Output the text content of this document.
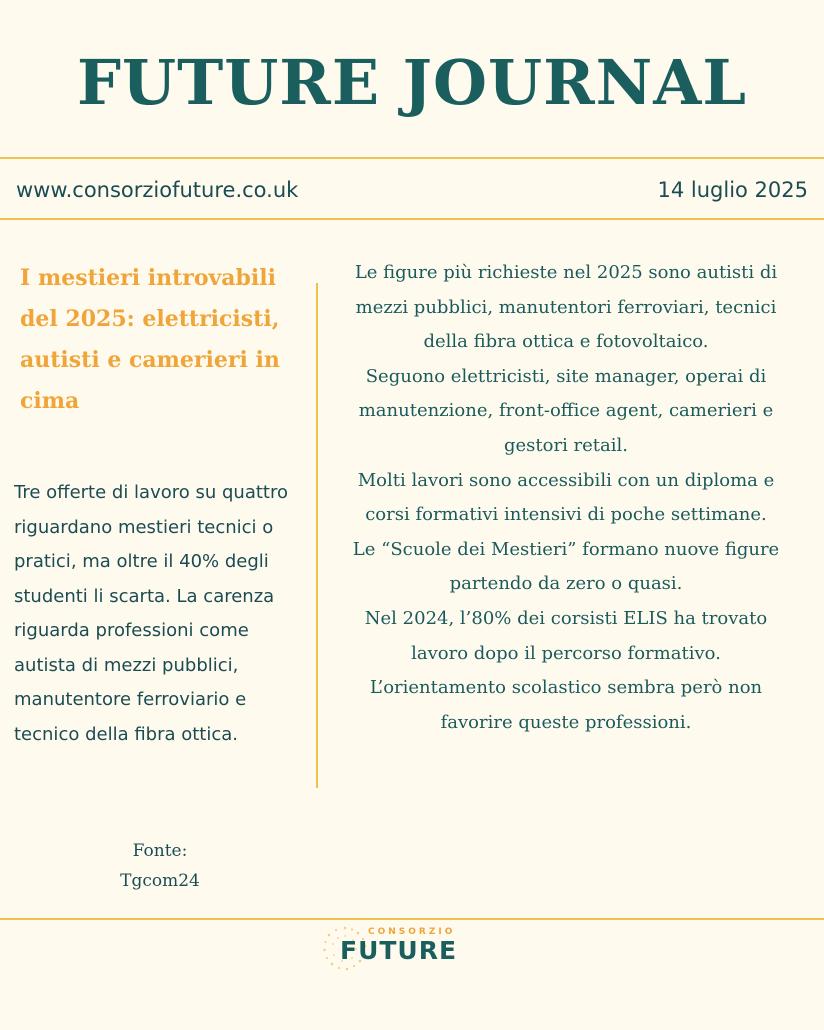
FUTURE JOURNAL
www.consorziofuture.co.uk	14 luglio 2025
I mestieri introvabili del 2025: elettricisti, autisti e camerieri in cima
Tre offerte di lavoro su quattro riguardano mestieri tecnici o pratici, ma oltre il 40% degli studenti li scarta. La carenza riguarda professioni come autista di mezzi pubblici, manutentore ferroviario e tecnico della fibra ottica.

Le figure più richieste nel 2025 sono autisti di mezzi pubblici, manutentori ferroviari, tecnici della fibra ottica e fotovoltaico.

Seguono elettricisti, site manager, operai di manutenzione, front-office agent, camerieri e gestori retail.

Molti lavori sono accessibili con un diploma e corsi formativi intensivi di poche settimane.

Le “Scuole dei Mestieri” formano nuove figure partendo da zero o quasi.

Nel 2024, l’80% dei corsisti ELIS ha trovato lavoro dopo il percorso formativo.

L’orientamento scolastico sembra però non favorire queste professioni.

Fonte:

Tgcom24

CONSORZIO
FUTURE
